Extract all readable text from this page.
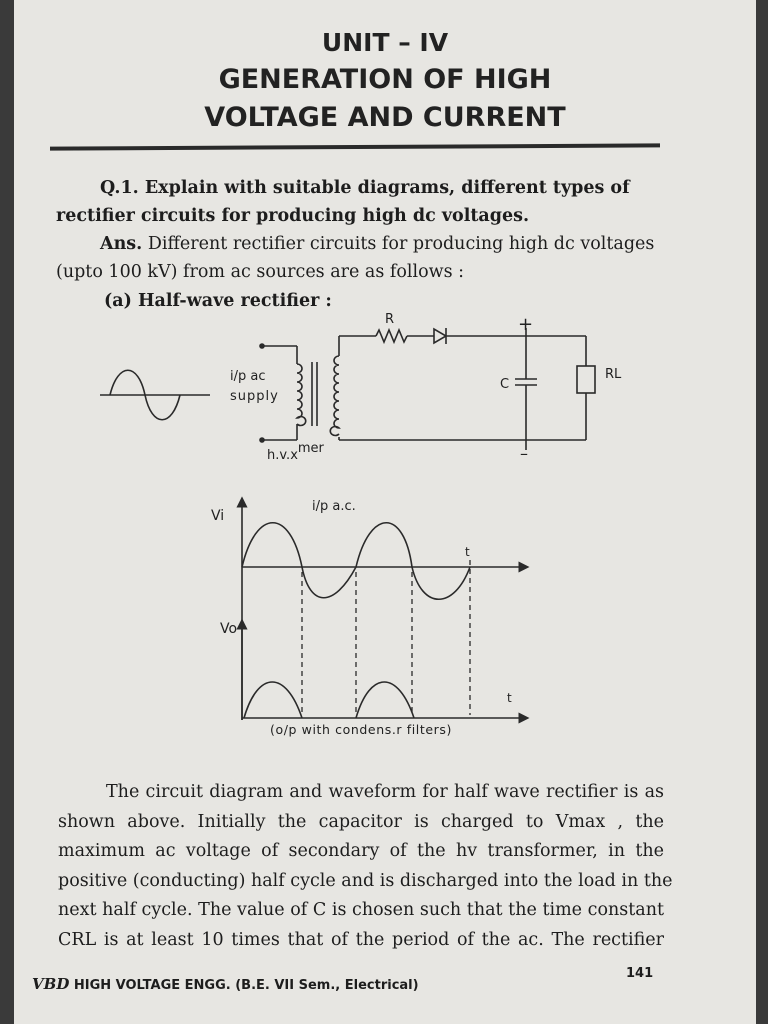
UNIT – IV
GENERATION OF HIGH
VOLTAGE AND CURRENT
Q.1. Explain with suitable diagrams, different types of
rectifier circuits for producing high dc voltages.
Ans. Different rectifier circuits for producing high dc voltages
(upto 100 kV) from ac sources are as follows :
(a) Half-wave rectifier :
R	+
–
i/p ac
supply
C
RL
h.v.xmer
Vi
i/p a.c.
t
Vo
t
(o/p with condens.r filters)
The circuit diagram and waveform for half wave rectifier is as
shown above. Initially the capacitor is charged to Vmax , the
maximum ac voltage of secondary of the hv transformer, in the
positive (conducting) half cycle and is discharged into the load in the
next half cycle. The value of C is chosen such that the time constant
CRL is at least 10 times that of the period of the ac. The rectifier
VBD HIGH VOLTAGE ENGG. (B.E. VII Sem., Electrical)
141
